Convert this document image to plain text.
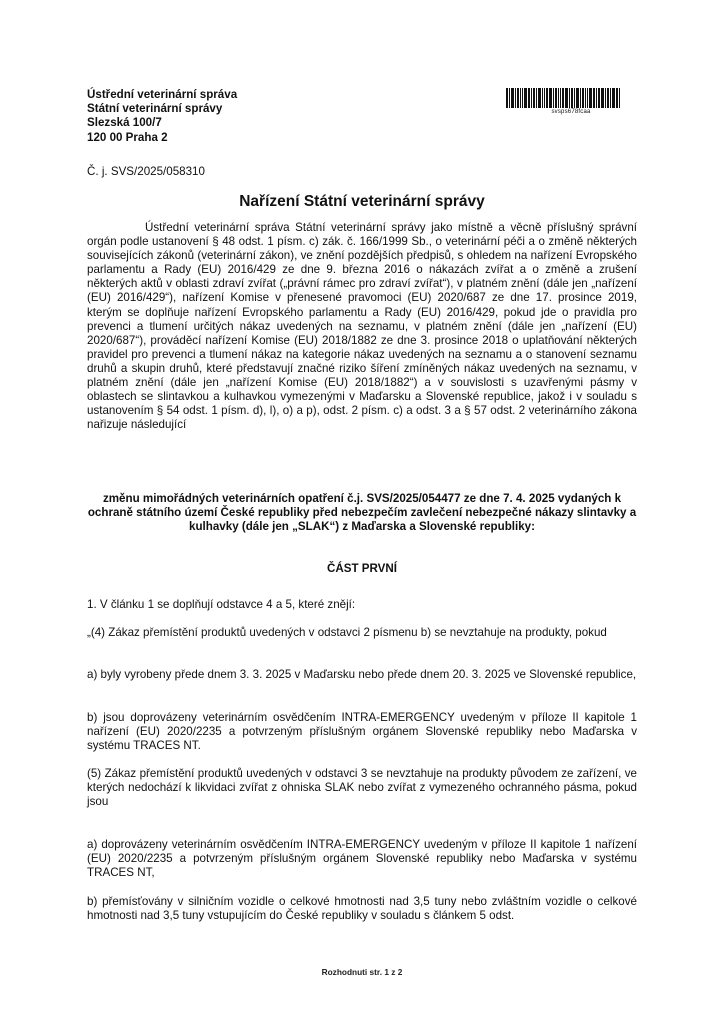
Ústřední veterinární správa
Státní veterinární správy
Slezská 100/7
120 00 Praha 2
svsps678fcaa
Č. j. SVS/2025/058310
Nařízení Státní veterinární správy
Ústřední veterinární správa Státní veterinární správy jako místně a věcně příslušný správní orgán podle ustanovení § 48 odst. 1 písm. c) zák. č. 166/1999 Sb., o veterinární péči a o změně některých souvisejících zákonů (veterinární zákon), ve znění pozdějších předpisů, s ohledem na nařízení Evropského parlamentu a Rady (EU) 2016/429 ze dne 9. března 2016 o nákazách zvířat a o změně a zrušení některých aktů v oblasti zdraví zvířat („právní rámec pro zdraví zvířat“), v platném znění (dále jen „nařízení (EU) 2016/429“), nařízení Komise v přenesené pravomoci (EU) 2020/687 ze dne 17. prosince 2019, kterým se doplňuje nařízení Evropského parlamentu a Rady (EU) 2016/429, pokud jde o pravidla pro prevenci a tlumení určitých nákaz uvedených na seznamu, v platném znění (dále jen „nařízení (EU) 2020/687“), prováděcí nařízení Komise (EU) 2018/1882 ze dne 3. prosince 2018 o uplatňování některých pravidel pro prevenci a tlumení nákaz na kategorie nákaz uvedených na seznamu a o stanovení seznamu druhů a skupin druhů, které představují značné riziko šíření zmíněných nákaz uvedených na seznamu, v platném znění (dále jen „nařízení Komise (EU) 2018/1882“) a v souvislosti s uzavřenými pásmy v oblastech se slintavkou a kulhavkou vymezenými v Maďarsku a Slovenské republice, jakož i v souladu s ustanovením § 54 odst. 1 písm. d), l), o) a p), odst. 2 písm. c) a odst. 3 a § 57 odst. 2 veterinárního zákona nařizuje následující
změnu mimořádných veterinárních opatření č.j. SVS/2025/054477 ze dne 7. 4. 2025 vydaných k ochraně státního území České republiky před nebezpečím zavlečení nebezpečné nákazy slintavky a kulhavky (dále jen „SLAK“) z Maďarska a Slovenské republiky:
ČÁST PRVNÍ
1. V článku 1 se doplňují odstavce 4 a 5, které znějí:
„(4) Zákaz přemístění produktů uvedených v odstavci 2 písmenu b) se nevztahuje na produkty, pokud
a) byly vyrobeny přede dnem 3. 3. 2025 v Maďarsku nebo přede dnem 20. 3. 2025 ve Slovenské republice,
b) jsou doprovázeny veterinárním osvědčením INTRA-EMERGENCY uvedeným v příloze II kapitole 1 nařízení (EU) 2020/2235 a potvrzeným příslušným orgánem Slovenské republiky nebo Maďarska v systému TRACES NT.
(5) Zákaz přemístění produktů uvedených v odstavci 3 se nevztahuje na produkty původem ze zařízení, ve kterých nedochází k likvidaci zvířat z ohniska SLAK nebo zvířat z vymezeného ochranného pásma, pokud jsou
a) doprovázeny veterinárním osvědčením INTRA-EMERGENCY uvedeným v příloze II kapitole 1 nařízení (EU) 2020/2235 a potvrzeným příslušným orgánem Slovenské republiky nebo Maďarska v systému TRACES NT,
b) přemísťovány v silničním vozidle o celkové hmotnosti nad 3,5 tuny nebo zvláštním vozidle o celkové hmotnosti nad 3,5 tuny vstupujícím do České republiky v souladu s článkem 5 odst.
Rozhodnuti str. 1 z 2
